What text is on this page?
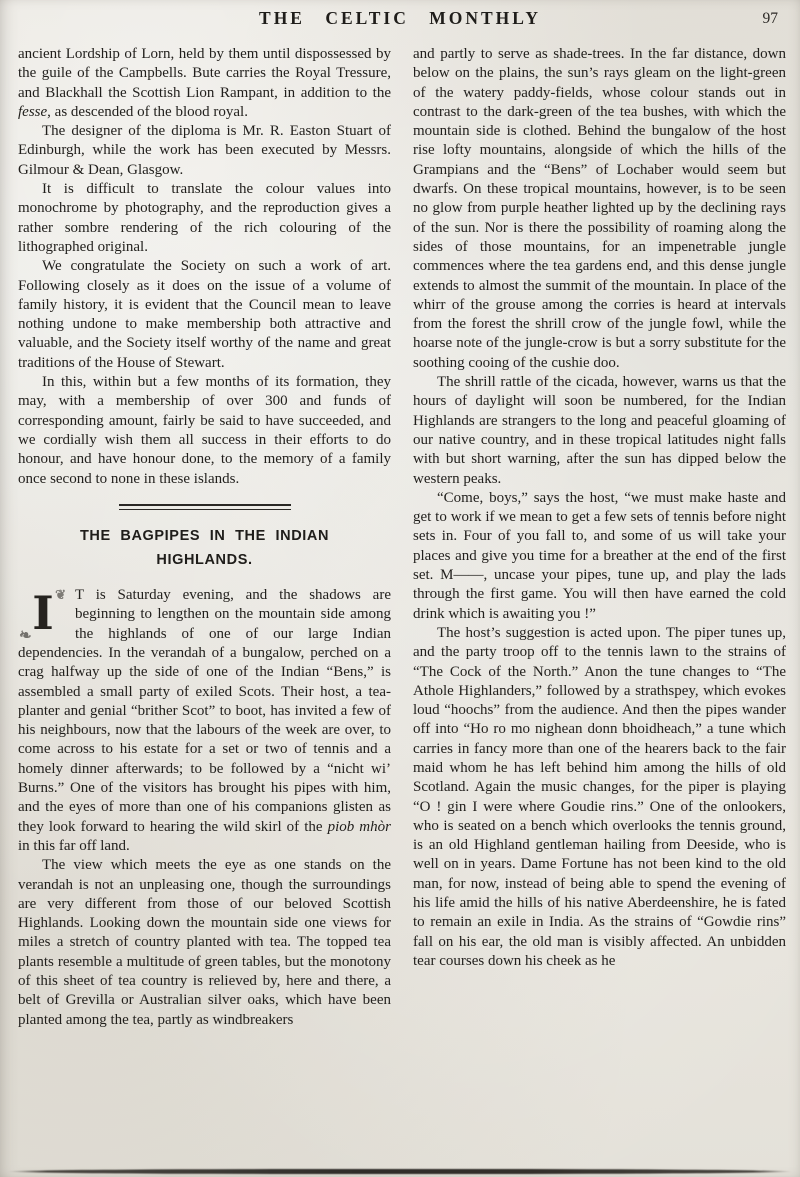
THE CELTIC MONTHLY	97

ancient Lordship of Lorn, held by them until dispossessed by the guile of the Campbells. Bute carries the Royal Tressure, and Blackhall the Scottish Lion Rampant, in addition to the fesse, as descended of the blood royal.

The designer of the diploma is Mr. R. Easton Stuart of Edinburgh, while the work has been executed by Messrs. Gilmour & Dean, Glasgow.

It is difficult to translate the colour values into monochrome by photography, and the reproduction gives a rather sombre rendering of the rich colouring of the lithographed original.

We congratulate the Society on such a work of art. Following closely as it does on the issue of a volume of family history, it is evident that the Council mean to leave nothing undone to make membership both attractive and valuable, and the Society itself worthy of the name and great traditions of the House of Stewart.

In this, within but a few months of its formation, they may, with a membership of over 300 and funds of corresponding amount, fairly be said to have succeeded, and we cordially wish them all success in their efforts to do honour, and have honour done, to the memory of a family once second to none in these islands.

THE BAGPIPES IN THE INDIAN HIGHLANDS.

❧ I ❦	T is Saturday evening, and the shadows are beginning to lengthen on the mountain side among the highlands of one of our large Indian dependencies. In the verandah of a bungalow, perched on a crag halfway up the side of one of the Indian “Bens,” is assembled a small party of exiled Scots. Their host, a tea-planter and genial “brither Scot” to boot, has invited a few of his neighbours, now that the labours of the week are over, to come across to his estate for a set or two of tennis and a homely dinner afterwards; to be followed by a “nicht wi’ Burns.” One of the visitors has brought his pipes with him, and the eyes of more than one of his companions glisten as they look forward to hearing the wild skirl of the piob mhòr in this far off land.

The view which meets the eye as one stands on the verandah is not an unpleasing one, though the surroundings are very different from those of our beloved Scottish Highlands. Looking down the mountain side one views for miles a stretch of country planted with tea. The topped tea plants resemble a multitude of green tables, but the monotony of this sheet of tea country is relieved by, here and there, a belt of Grevilla or Australian silver oaks, which have been planted among the tea, partly as windbreakers

and partly to serve as shade-trees. In the far distance, down below on the plains, the sun’s rays gleam on the light-green of the watery paddy-fields, whose colour stands out in contrast to the dark-green of the tea bushes, with which the mountain side is clothed. Behind the bungalow of the host rise lofty mountains, alongside of which the hills of the Grampians and the “Bens” of Lochaber would seem but dwarfs. On these tropical mountains, however, is to be seen no glow from purple heather lighted up by the declining rays of the sun. Nor is there the possibility of roaming along the sides of those mountains, for an impenetrable jungle commences where the tea gardens end, and this dense jungle extends to almost the summit of the mountain. In place of the whirr of the grouse among the corries is heard at intervals from the forest the shrill crow of the jungle fowl, while the hoarse note of the jungle-crow is but a sorry substitute for the soothing cooing of the cushie doo.

The shrill rattle of the cicada, however, warns us that the hours of daylight will soon be numbered, for the Indian Highlands are strangers to the long and peaceful gloaming of our native country, and in these tropical latitudes night falls with but short warning, after the sun has dipped below the western peaks.

“Come, boys,” says the host, “we must make haste and get to work if we mean to get a few sets of tennis before night sets in. Four of you fall to, and some of us will take your places and give you time for a breather at the end of the first set. M——, uncase your pipes, tune up, and play the lads through the first game. You will then have earned the cold drink which is awaiting you !”

The host’s suggestion is acted upon. The piper tunes up, and the party troop off to the tennis lawn to the strains of “The Cock of the North.” Anon the tune changes to “The Athole Highlanders,” followed by a strathspey, which evokes loud “hoochs” from the audience. And then the pipes wander off into “Ho ro mo nighean donn bhoidheach,” a tune which carries in fancy more than one of the hearers back to the fair maid whom he has left behind him among the hills of old Scotland. Again the music changes, for the piper is playing “O ! gin I were where Goudie rins.” One of the onlookers, who is seated on a bench which overlooks the tennis ground, is an old Highland gentleman hailing from Deeside, who is well on in years. Dame Fortune has not been kind to the old man, for now, instead of being able to spend the evening of his life amid the hills of his native Aberdeenshire, he is fated to remain an exile in India. As the strains of “Gowdie rins” fall on his ear, the old man is visibly affected. An unbidden tear courses down his cheek as he
